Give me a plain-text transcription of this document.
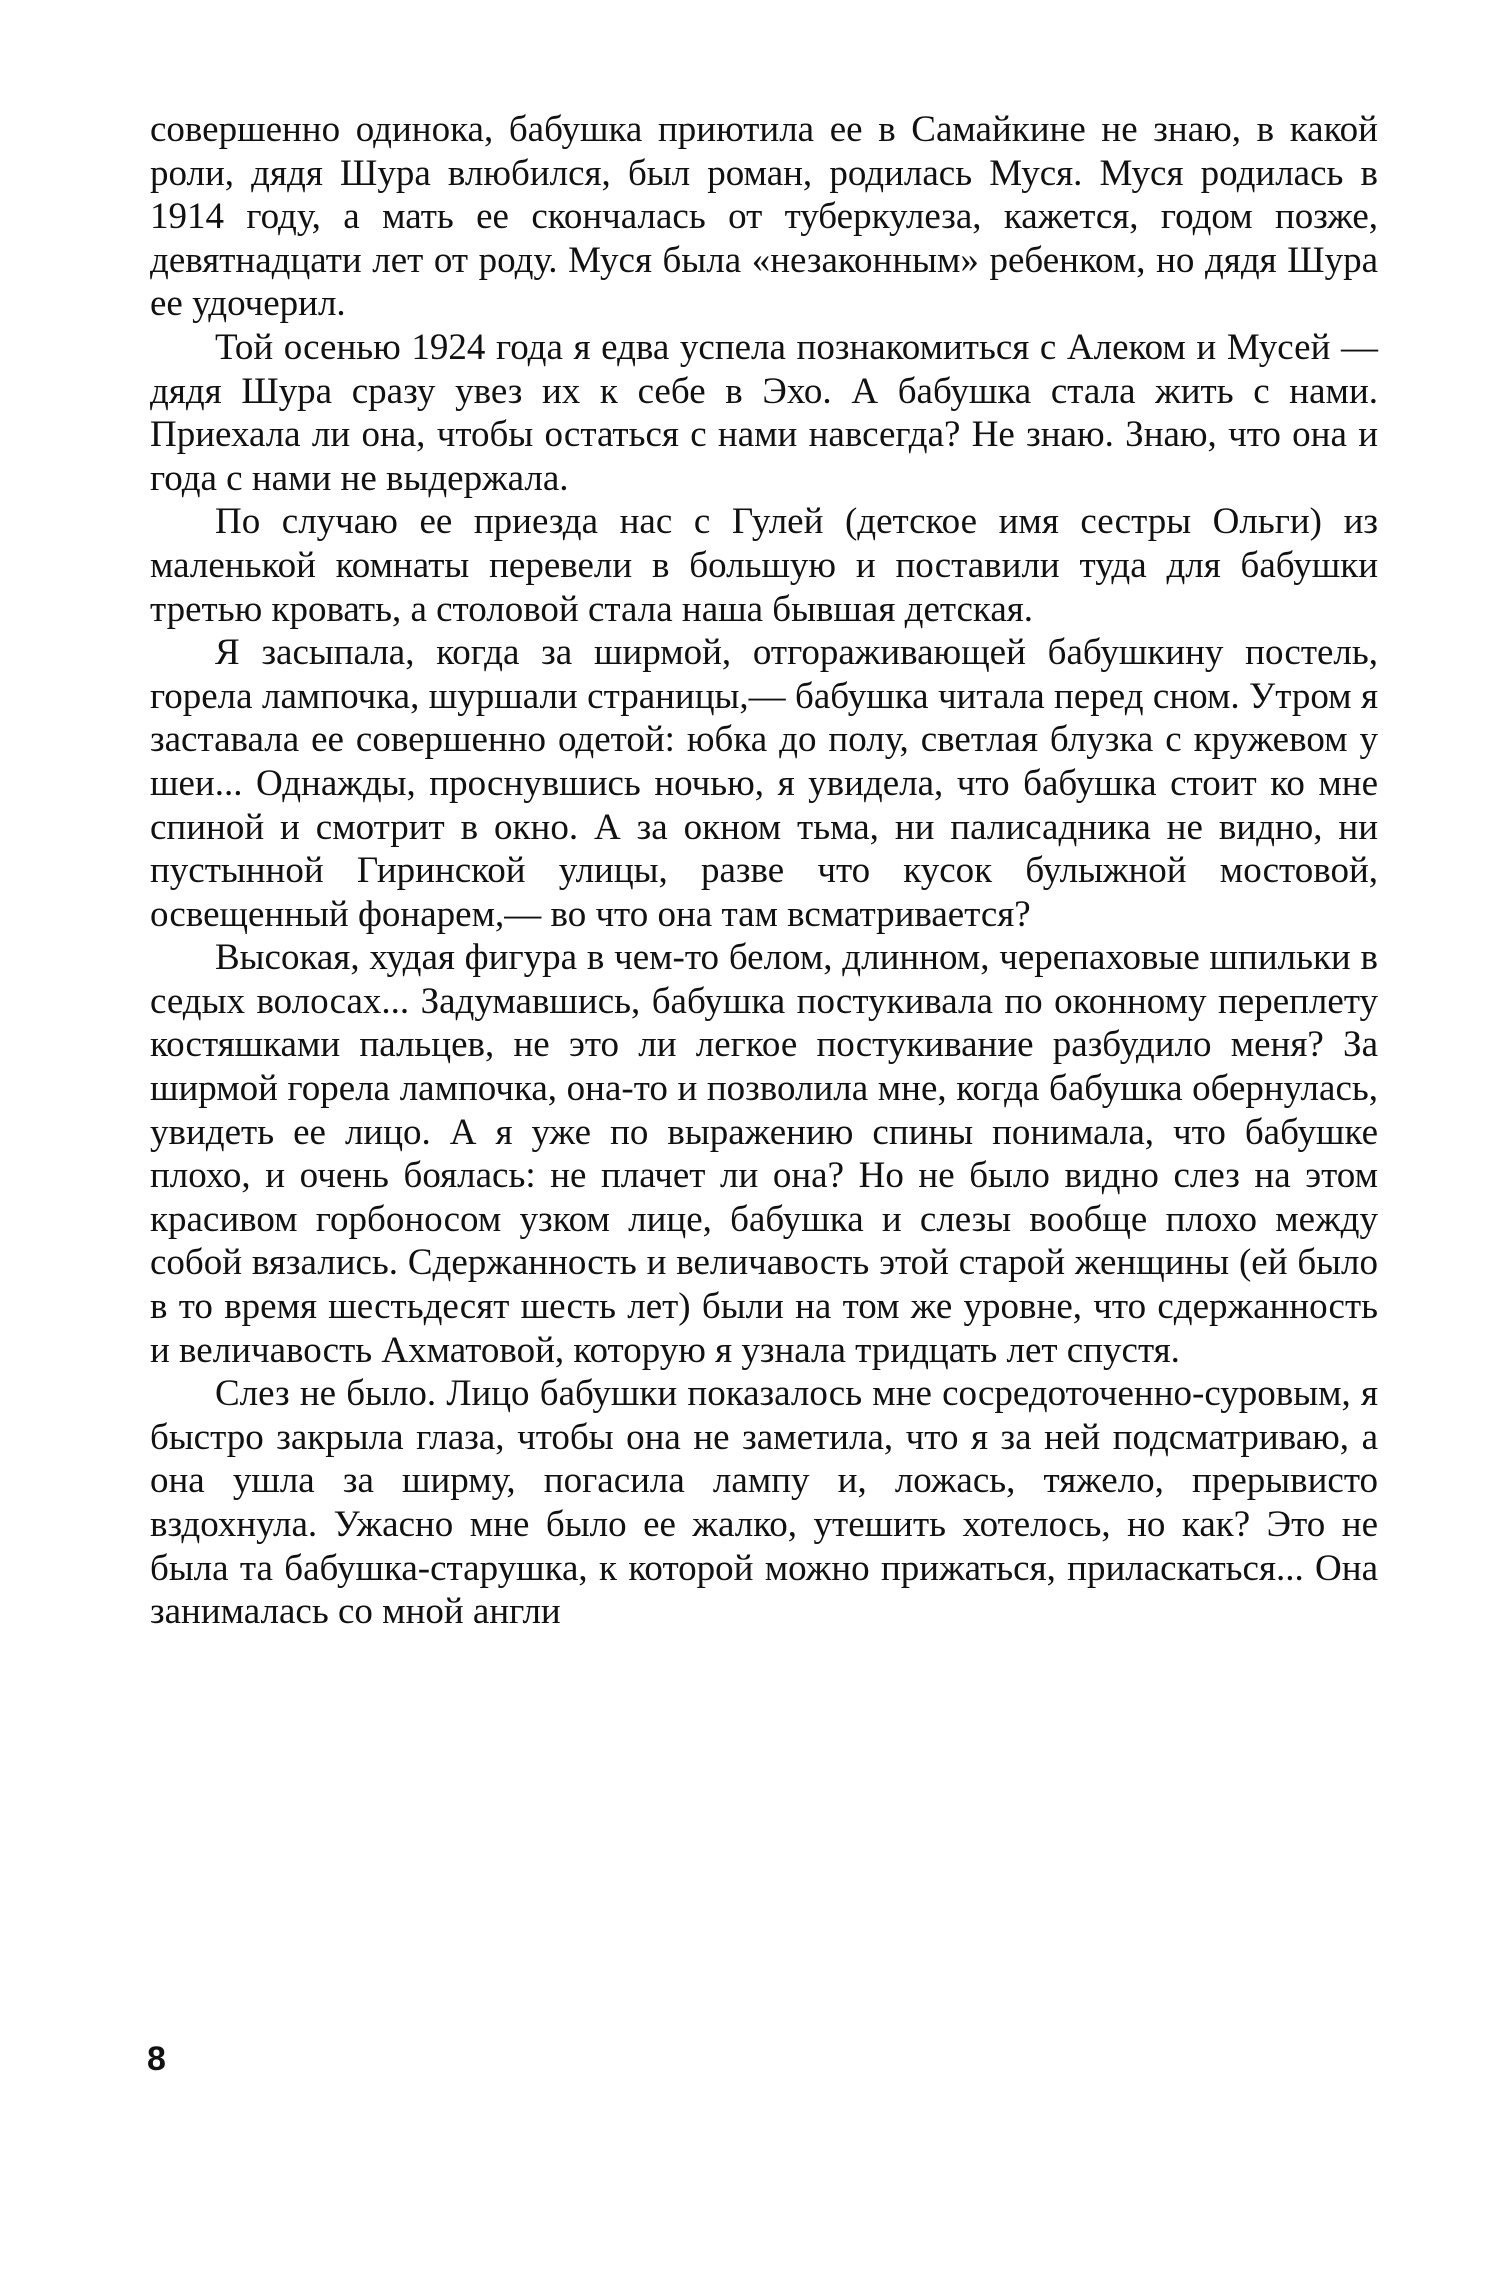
совершенно одинока, бабушка приютила ее в Самайкине не знаю, в какой роли, дядя Шура влюбился, был роман, родилась Муся. Муся родилась в 1914 году, а мать ее скончалась от туберкулеза, кажется, годом позже, девятнадцати лет от роду. Муся была «незаконным» ребенком, но дядя Шура ее удочерил.

Той осенью 1924 года я едва успела познакомиться с Алеком и Мусей — дядя Шура сразу увез их к себе в Эхо. А бабушка стала жить с нами. Приехала ли она, чтобы остаться с нами навсегда? Не знаю. Знаю, что она и года с нами не выдержала.

По случаю ее приезда нас с Гулей (детское имя сестры Ольги) из маленькой комнаты перевели в большую и поставили туда для бабушки третью кровать, а столовой стала наша бывшая детская.

Я засыпала, когда за ширмой, отгораживающей бабушкину постель, горела лампочка, шуршали страницы,— бабушка читала перед сном. Утром я заставала ее совершенно одетой: юбка до полу, светлая блузка с кружевом у шеи... Однажды, проснувшись ночью, я увидела, что бабушка стоит ко мне спиной и смотрит в окно. А за окном тьма, ни палисадника не видно, ни пустынной Гиринской улицы, разве что кусок булыжной мостовой, освещенный фонарем,— во что она там всматривается?

Высокая, худая фигура в чем-то белом, длинном, черепаховые шпильки в седых волосах... Задумавшись, бабушка постукивала по оконному переплету костяшками пальцев, не это ли легкое постукивание разбудило меня? За ширмой горела лампочка, она-то и позволила мне, когда бабушка обернулась, увидеть ее лицо. А я уже по выражению спины понимала, что бабушке плохо, и очень боялась: не плачет ли она? Но не было видно слез на этом красивом горбоносом узком лице, бабушка и слезы вообще плохо между собой вязались. Сдержанность и величавость этой старой женщины (ей было в то время шестьдесят шесть лет) были на том же уровне, что сдержанность и величавость Ахматовой, которую я узнала тридцать лет спустя.

Слез не было. Лицо бабушки показалось мне сосредоточенно-суровым, я быстро закрыла глаза, чтобы она не заметила, что я за ней подсматриваю, а она ушла за ширму, погасила лампу и, ложась, тяжело, прерывисто вздохнула. Ужасно мне было ее жалко, утешить хотелось, но как? Это не была та бабушка-старушка, к которой можно прижаться, приласкаться... Она занималась со мной англи

8
